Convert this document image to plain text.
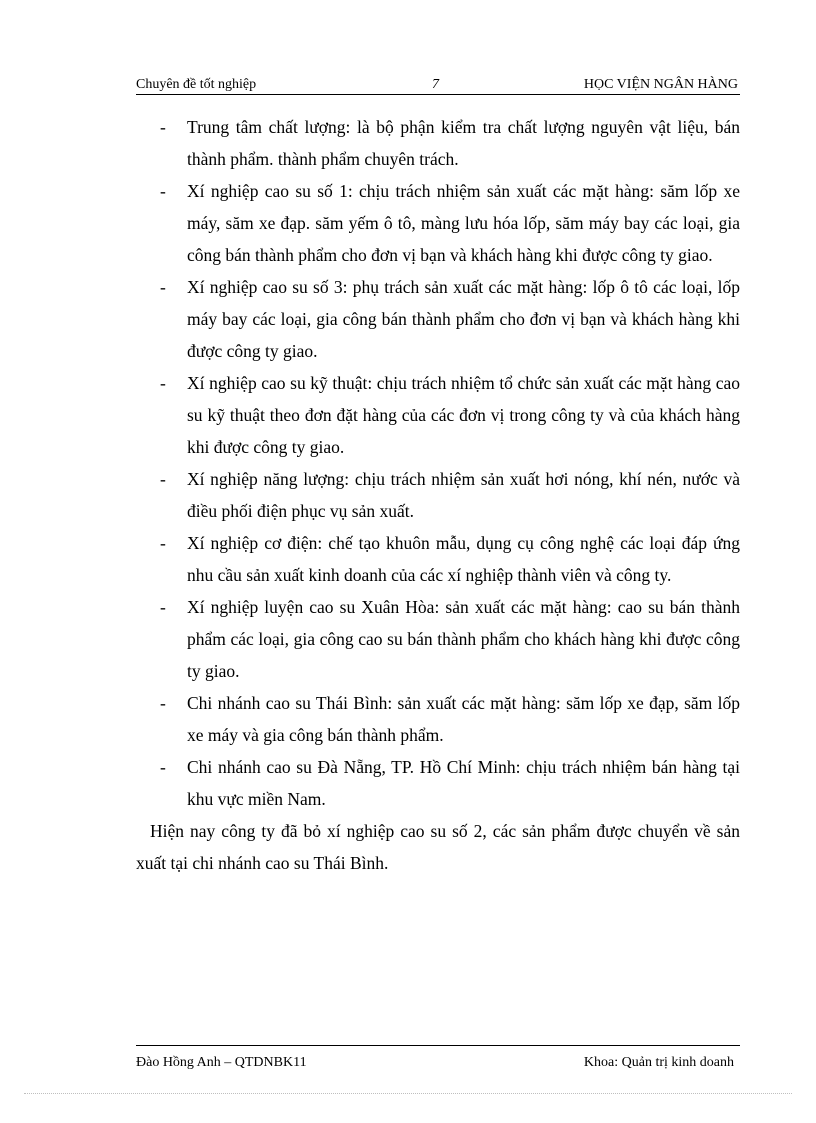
Chuyên đề tốt nghiệp	7	HỌC VIỆN NGÂN HÀNG
-	Trung tâm chất lượng: là bộ phận kiểm tra chất lượng nguyên vật liệu, bán thành phẩm. thành phẩm chuyên trách.
-	Xí nghiệp cao su số 1: chịu trách nhiệm sản xuất các mặt hàng: săm lốp xe máy, săm xe đạp. săm yếm ô tô, màng lưu hóa lốp, săm máy bay các loại, gia công bán thành phẩm cho đơn vị bạn và khách hàng khi được công ty giao.
-	Xí nghiệp cao su số 3: phụ trách sản xuất các mặt hàng: lốp ô tô các loại, lốp máy bay các loại, gia công bán thành phẩm cho đơn vị bạn và khách hàng khi được công ty giao.
-	Xí nghiệp cao su kỹ thuật: chịu trách nhiệm tổ chức sản xuất các mặt hàng cao su kỹ thuật theo đơn đặt hàng của các đơn vị trong công ty và của khách hàng khi được công ty giao.
-	Xí nghiệp năng lượng: chịu trách nhiệm sản xuất hơi nóng, khí nén, nước và điều phối điện phục vụ sản xuất.
-	Xí nghiệp cơ điện: chế tạo khuôn mẫu, dụng cụ công nghệ các loại đáp ứng nhu cầu sản xuất kinh doanh của các xí nghiệp thành viên và công ty.
-	Xí nghiệp luyện cao su Xuân Hòa: sản xuất các mặt hàng: cao su bán thành phẩm các loại, gia công cao su bán thành phẩm cho khách hàng khi được công ty giao.
-	Chi nhánh cao su Thái Bình: sản xuất các mặt hàng: săm lốp xe đạp, săm lốp xe máy và gia công bán thành phẩm.
-	Chi nhánh cao su Đà Nẵng, TP. Hồ Chí Minh: chịu trách nhiệm bán hàng tại khu vực miền Nam.

Hiện nay công ty đã bỏ xí nghiệp cao su số 2, các sản phẩm được chuyển về sản xuất tại chi nhánh cao su Thái Bình.

Đào Hồng Anh – QTDNBK11	Khoa: Quản trị kinh doanh
